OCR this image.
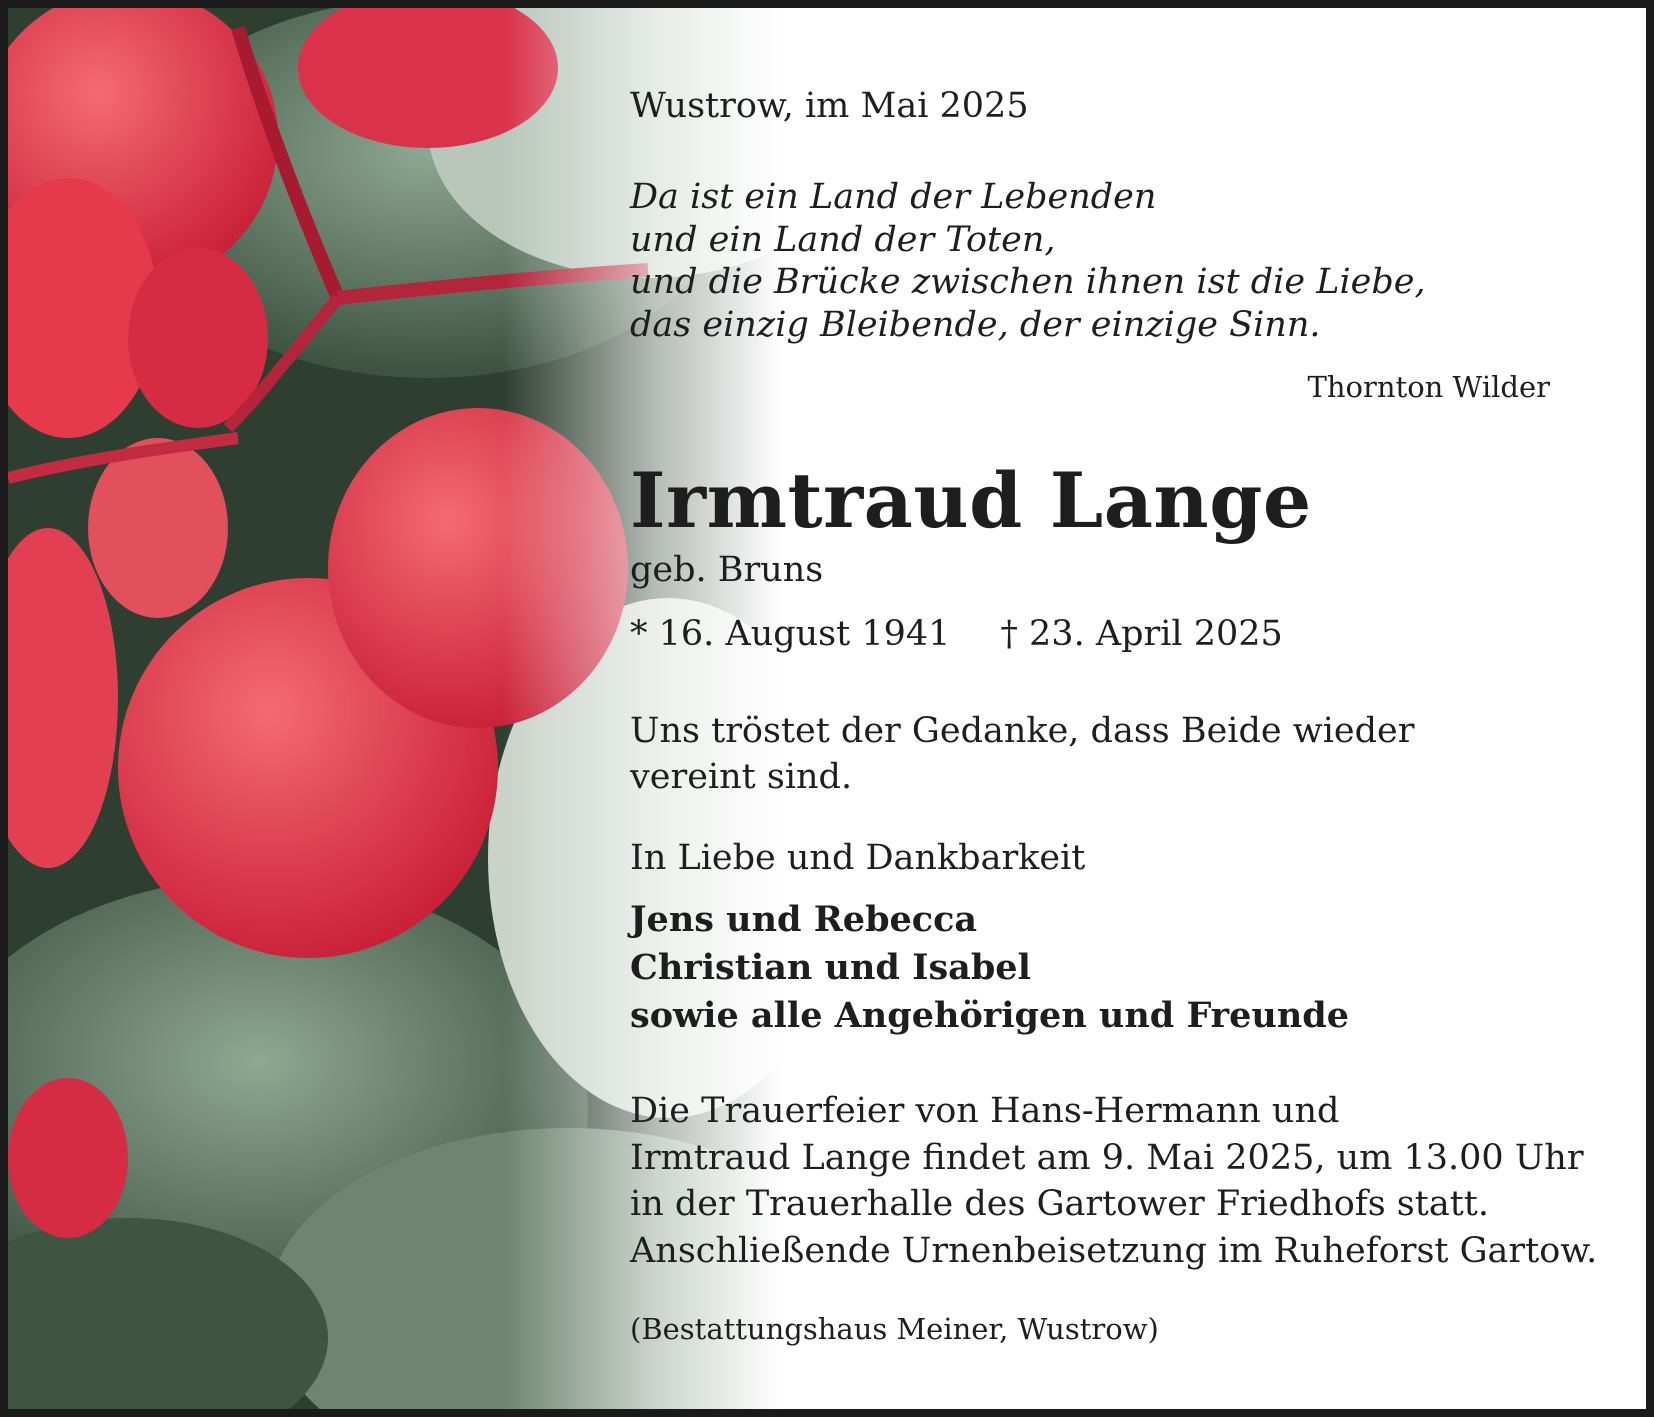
Wustrow, im Mai 2025

Da ist ein Land der Lebenden
und ein Land der Toten,
und die Brücke zwischen ihnen ist die Liebe,
das einzig Bleibende, der einzige Sinn.

Thornton Wilder

Irmtraud Lange

geb. Bruns

* 16. August 1941 † 23. April 2025

Uns tröstet der Gedanke, dass Beide wieder
vereint sind.

In Liebe und Dankbarkeit

Jens und Rebecca
Christian und Isabel
sowie alle Angehörigen und Freunde
Die Trauerfeier von Hans-Hermann und
Irmtraud Lange findet am 9. Mai 2025, um 13.00 Uhr
in der Trauerhalle des Gartower Friedhofs statt.
Anschließende Urnenbeisetzung im Ruheforst Gartow.

(Bestattungshaus Meiner, Wustrow)
